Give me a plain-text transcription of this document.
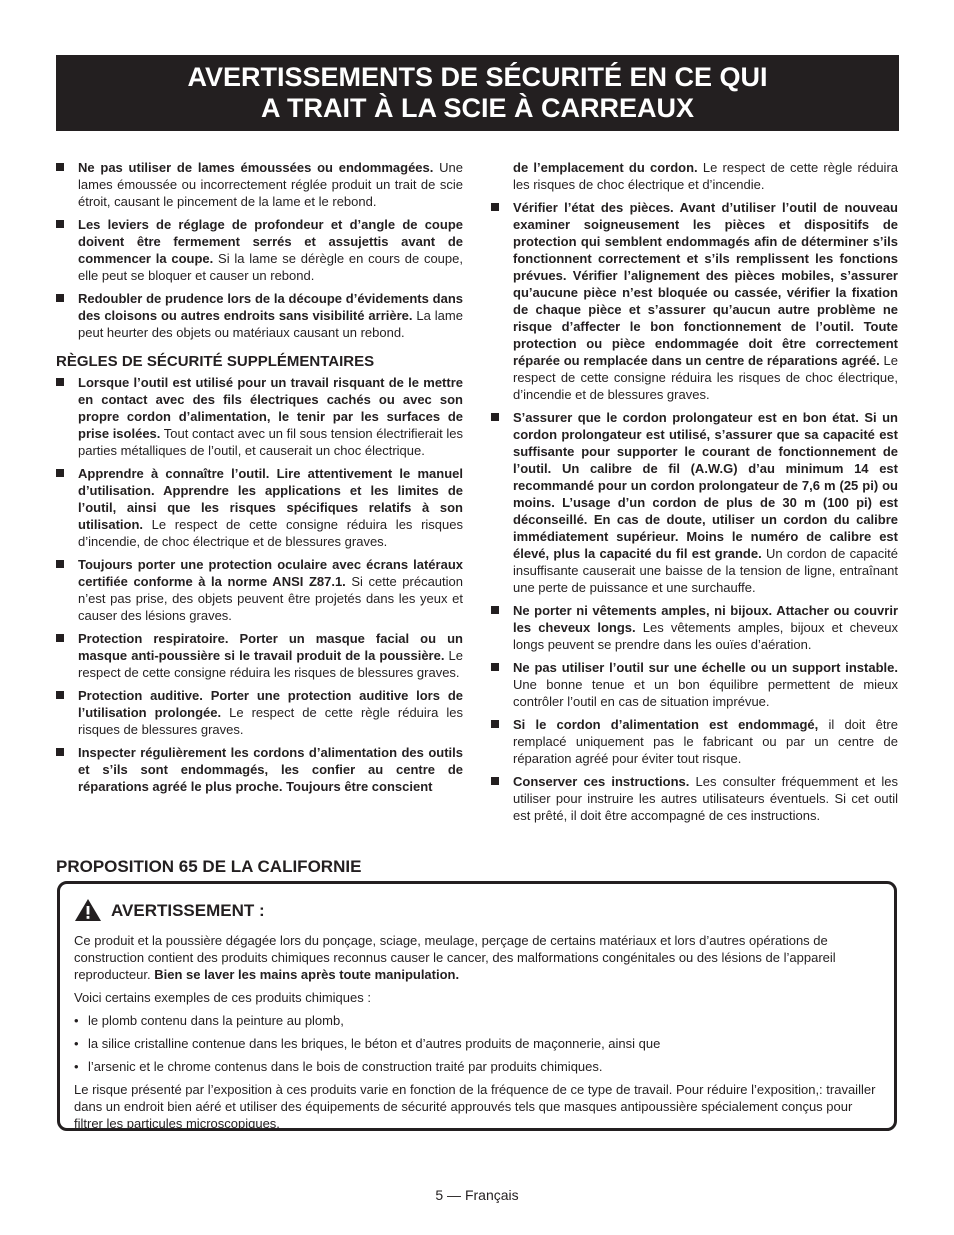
AVERTISSEMENTS DE SÉCURITÉ EN CE QUI
A TRAIT À LA SCIE À CARREAUX
Ne pas utiliser de lames émoussées ou endommagées. Une lames émoussée ou incorrectement réglée produit un trait de scie étroit, causant le pincement de la lame et le rebond.
Les leviers de réglage de profondeur et d’angle de coupe doivent être fermement serrés et assujettis avant de commencer la coupe. Si la lame se dérègle en cours de coupe, elle peut se bloquer et causer un rebond.
Redoubler de prudence lors de la découpe d’évidements dans des cloisons ou autres endroits sans visibilité arrière. La lame peut heurter des objets ou matériaux causant un rebond.
RÈGLES DE SÉCURITÉ SUPPLÉMENTAIRES
Lorsque l’outil est utilisé pour un travail risquant de le mettre en contact avec des fils électriques cachés ou avec son propre cordon d’alimentation, le tenir par les surfaces de prise isolées. Tout contact avec un fil sous tension électrifierait les parties métalliques de l’outil, et causerait un choc électrique.
Apprendre à connaître l’outil. Lire attentivement le manuel d’utilisation. Apprendre les applications et les limites de l’outil, ainsi que les risques spécifiques relatifs à son utilisation. Le respect de cette consigne réduira les risques d’incendie, de choc électrique et de blessures graves.
Toujours porter une protection oculaire avec écrans latéraux certifiée conforme à la norme ANSI Z87.1. Si cette précaution n’est pas prise, des objets peuvent être projetés dans les yeux et causer des lésions graves.
Protection respiratoire. Porter un masque facial ou un masque anti-poussière si le travail produit de la poussière. Le respect de cette consigne réduira les risques de blessures graves.
Protection auditive. Porter une protection auditive lors de l’utilisation prolongée. Le respect de cette règle réduira les risques de blessures graves.
Inspecter régulièrement les cordons d’alimentation des outils et s’ils sont endommagés, les confier au centre de réparations agréé le plus proche. Toujours être conscient
de l’emplacement du cordon. Le respect de cette règle réduira les risques de choc électrique et d’incendie.
Vérifier l’état des pièces. Avant d’utiliser l’outil de nouveau examiner soigneusement les pièces et dispositifs de protection qui semblent endommagés afin de déterminer s’ils fonctionnent correctement et s’ils remplissent les fonctions prévues. Vérifier l’alignement des pièces mobiles, s’assurer qu’aucune pièce n’est bloquée ou cassée, vérifier la fixation de chaque pièce et s’assurer qu’aucun autre problème ne risque d’affecter le bon fonctionnement de l’outil. Toute protection ou pièce endommagée doit être correctement réparée ou remplacée dans un centre de réparations agréé. Le respect de cette consigne réduira les risques de choc électrique, d’incendie et de blessures graves.
S’assurer que le cordon prolongateur est en bon état. Si un cordon prolongateur est utilisé, s’assurer que sa capacité est suffisante pour supporter le courant de fonctionnement de l’outil. Un calibre de fil (A.W.G) d’au minimum 14 est recommandé pour un cordon prolongateur de 7,6 m (25 pi) ou moins. L’usage d’un cordon de plus de 30 m (100 pi) est déconseillé. En cas de doute, utiliser un cordon du calibre immédiatement supérieur. Moins le numéro de calibre est élevé, plus la capacité du fil est grande. Un cordon de capacité insuffisante causerait une baisse de la tension de ligne, entraînant une perte de puissance et une surchauffe.
Ne porter ni vêtements amples, ni bijoux. Attacher ou couvrir les cheveux longs. Les vêtements amples, bijoux et cheveux longs peuvent se prendre dans les ouïes d’aération.
Ne pas utiliser l’outil sur une échelle ou un support instable. Une bonne tenue et un bon équilibre permettent de mieux contrôler l’outil en cas de situation imprévue.
Si le cordon d’alimentation est endommagé, il doit être remplacé uniquement pas le fabricant ou par un centre de réparation agréé pour éviter tout risque.
Conserver ces instructions. Les consulter fréquemment et les utiliser pour instruire les autres utilisateurs éventuels. Si cet outil est prêté, il doit être accompagné de ces instructions.
PROPOSITION 65 DE LA CALIFORNIE
AVERTISSEMENT :

Ce produit et la poussière dégagée lors du ponçage, sciage, meulage, perçage de certains matériaux et lors d’autres opérations de construction contient des produits chimiques reconnus causer le cancer, des malformations congénitales ou des lésions de l’appareil reproducteur. Bien se laver les mains après toute manipulation.

Voici certains exemples de ces produits chimiques :

• le plomb contenu dans la peinture au plomb,
• la silice cristalline contenue dans les briques, le béton et d’autres produits de maçonnerie, ainsi que
• l’arsenic et le chrome contenus dans le bois de construction traité par produits chimiques.

Le risque présenté par l’exposition à ces produits varie en fonction de la fréquence de ce type de travail. Pour réduire l’exposition,: travailler dans un endroit bien aéré et utiliser des équipements de sécurité approuvés tels que masques antipoussière spécialement conçus pour filtrer les particules microscopiques.

5 — Français
